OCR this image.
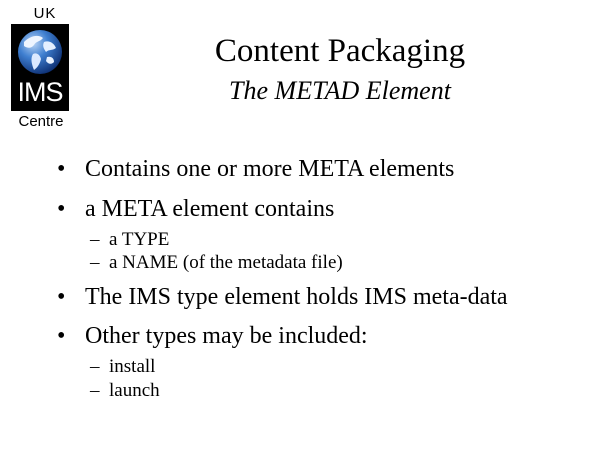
UK
IMS
Centre
Content Packaging
The METAD Element
• Contains one or more META elements
• a META element contains
– a TYPE
– a NAME (of the metadata file)
• The IMS type element holds IMS meta-data
• Other types may be included:
– install
– launch
